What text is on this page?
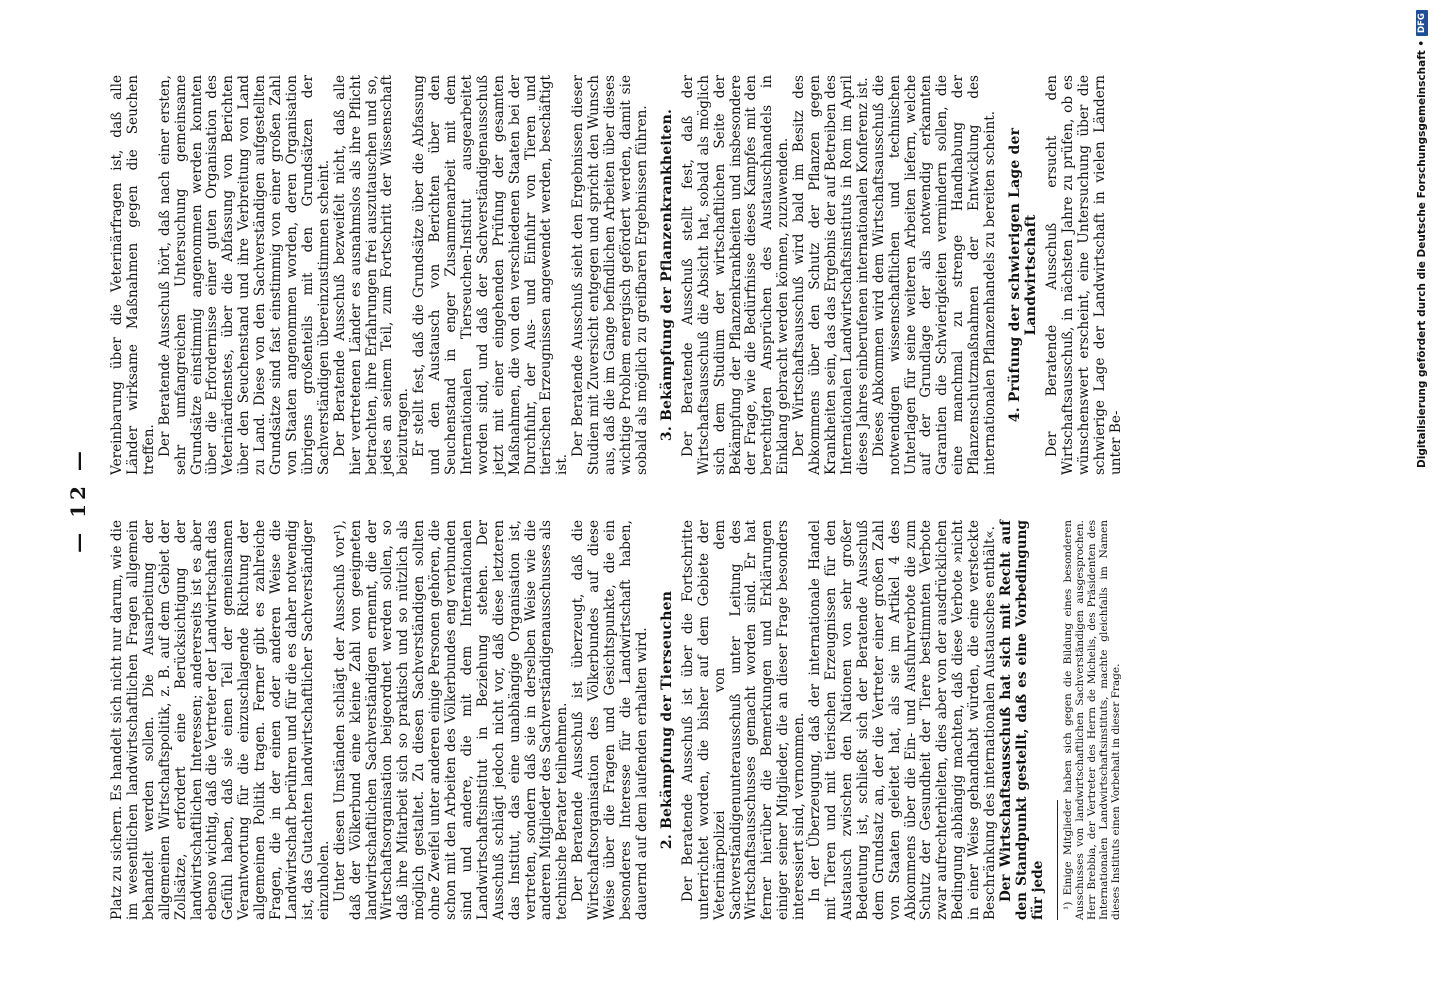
— 12 —

Platz zu sichern. Es handelt sich nicht nur darum, wie die im wesentlichen landwirtschaftlichen Fragen allgemein behandelt werden sollen. Die Ausarbeitung der allgemeinen Wirtschaftspolitik, z. B. auf dem Gebiet der Zollsätze, erfordert eine Berücksichtigung der landwirtschaftlichen Interessen; andererseits ist es aber ebenso wichtig, daß die Vertreter der Landwirtschaft das Gefühl haben, daß sie einen Teil der gemeinsamen Verantwortung für die einzuschlagende Richtung der allgemeinen Politik tragen. Ferner gibt es zahlreiche Fragen, die in der einen oder anderen Weise die Landwirtschaft berühren und für die es daher notwendig ist, das Gutachten landwirtschaftlicher Sachverständiger einzuholen. Unter diesen Umständen schlägt der Ausschuß vor¹), daß der Völkerbund eine kleine Zahl von geeigneten landwirtschaftlichen Sachverständigen ernennt, die der Wirtschaftsorganisation beigeordnet werden sollen, so daß ihre Mitarbeit sich so praktisch und so nützlich als möglich gestaltet. Zu diesen Sachverständigen sollten ohne Zweifel unter anderen einige Personen gehören, die schon mit den Arbeiten des Völkerbundes eng verbunden sind und andere, die mit dem Internationalen Landwirtschaftsinstitut in Beziehung stehen. Der Ausschuß schlägt jedoch nicht vor, daß diese letzteren das Institut, das eine unabhängige Organisation ist, vertreten, sondern daß sie in derselben Weise wie die anderen Mitglieder des Sachverständigenausschusses als technische Berater teilnehmen. Der Beratende Ausschuß ist überzeugt, daß die Wirtschaftsorganisation des Völkerbundes auf diese Weise über die Fragen und Gesichtspunkte, die ein besonderes Interesse für die Landwirtschaft haben, dauernd auf dem laufenden erhalten wird. 2. Bekämpfung der Tierseuchen Der Beratende Ausschuß ist über die Fortschritte unterrichtet worden, die bisher auf dem Gebiete der Veterinärpolizei von dem Sachverständigenunterausschuß unter Leitung des Wirtschaftsausschusses gemacht worden sind. Er hat ferner hierüber die Bemerkungen und Erklärungen einiger seiner Mitglieder, die an dieser Frage besonders interessiert sind, vernommen. In der Überzeugung, daß der internationale Handel mit Tieren und mit tierischen Erzeugnissen für den Austausch zwischen den Nationen von sehr großer Bedeutung ist, schließt sich der Beratende Ausschuß dem Grundsatz an, der die Vertreter einer großen Zahl von Staaten geleitet hat, als sie im Artikel 4 des Abkommens über die Ein- und Ausfuhrverbote die zum Schutz der Gesundheit der Tiere bestimmten Verbote zwar aufrechterhielten, dies aber von der ausdrücklichen Bedingung abhängig machten, daß diese Verbote »nicht in einer Weise gehandhabt würden, die eine versteckte Beschränkung des internationalen Austausches enthält«. Der Wirtschaftsausschuß hat sich mit Recht auf den Standpunkt gestellt, daß es eine Vorbedingung für jede ¹) Einige Mitglieder haben sich gegen die Bildung eines besonderen Ausschusses von landwirtschaftlichen Sachverständigen ausgesprochen. Herr Brebbia, der Vertreter des Herrn de Michelis, des Präsidenten des Internationalen Landwirtschaftsinstituts, machte gleichfalls im Namen dieses Instituts einen Vorbehalt in dieser Frage.

Vereinbarung über die Veterinärfragen ist, daß alle Länder wirksame Maßnahmen gegen die Seuchen treffen. Der Beratende Ausschuß hört, daß nach einer ersten, sehr umfangreichen Untersuchung gemeinsame Grundsätze einstimmig angenommen werden konnten über die Erfordernisse einer guten Organisation des Veterinärdienstes, über die Abfassung von Berichten über den Seuchenstand und ihre Verbreitung von Land zu Land. Diese von den Sachverständigen aufgestellten Grundsätze sind fast einstimmig von einer großen Zahl von Staaten angenommen worden, deren Organisation übrigens großenteils mit den Grundsätzen der Sachverständigen übereinzustimmen scheint. Der Beratende Ausschuß bezweifelt nicht, daß alle hier vertretenen Länder es ausnahmslos als ihre Pflicht betrachten, ihre Erfahrungen frei auszutauschen und so, jedes an seinem Teil, zum Fortschritt der Wissenschaft beizutragen. Er stellt fest, daß die Grundsätze über die Abfassung und den Austausch von Berichten über den Seuchenstand in enger Zusammenarbeit mit dem Internationalen Tierseuchen-Institut ausgearbeitet worden sind, und daß der Sachverständigenausschuß jetzt mit einer eingehenden Prüfung der gesamten Maßnahmen, die von den verschiedenen Staaten bei der Durchfuhr, der Aus- und Einfuhr von Tieren und tierischen Erzeugnissen angewendet werden, beschäftigt ist.

Der Beratende Ausschuß sieht den Ergebnissen dieser Studien mit Zuversicht entgegen und spricht den Wunsch aus, daß die im Gange befindlichen Arbeiten über dieses wichtige Problem energisch gefördert werden, damit sie sobald als möglich zu greifbaren Ergebnissen führen. 3. Bekämpfung der Pflanzenkrankheiten. Der Beratende Ausschuß stellt fest, daß der Wirtschaftsausschuß die Absicht hat, sobald als möglich sich dem Studium der wirtschaftlichen Seite der Bekämpfung der Pflanzenkrankheiten und insbesondere der Frage, wie die Bedürfnisse dieses Kampfes mit den berechtigten Ansprüchen des Austauschhandels in Einklang gebracht werden können, zuzuwenden. Der Wirtschaftsausschuß wird bald im Besitz des Abkommens über den Schutz der Pflanzen gegen Krankheiten sein, das das Ergebnis der auf Betreiben des Internationalen Landwirtschaftsinstituts in Rom im April dieses Jahres einberufenen internationalen Konferenz ist. Dieses Abkommen wird dem Wirtschaftsausschuß die notwendigen wissenschaftlichen und technischen Unterlagen für seine weiteren Arbeiten liefern, welche auf der Grundlage der als notwendig erkannten Garantien die Schwierigkeiten vermindern sollen, die eine manchmal zu strenge Handhabung der Pflanzenschutzmaßnahmen der Entwicklung des internationalen Pflanzenhandels zu bereiten scheint. 4. Prüfung der schwierigen Lage der Landwirtschaft Der Beratende Ausschuß ersucht den Wirtschaftsausschuß, in nächsten Jahre zu prüfen, ob es wünschenswert erscheint, eine Untersuchung über die schwierige Lage der Landwirtschaft in vielen Ländern unter Be-	Digitalisierung gefördert durch die Deutsche Forschungsgemeinschaft •
DFG
